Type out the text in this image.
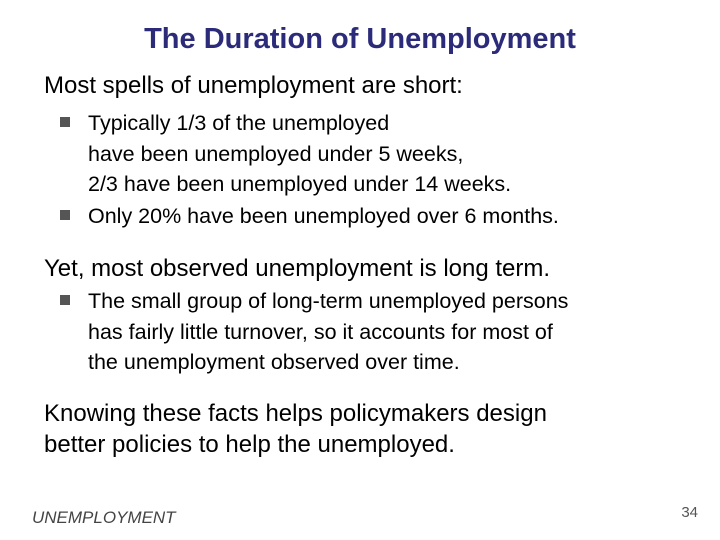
The Duration of Unemployment
Most spells of unemployment are short:
Typically 1/3 of the unemployed
have been unemployed under 5 weeks,
2/3 have been unemployed under 14 weeks.
Only 20% have been unemployed over 6 months.
Yet, most observed unemployment is long term.
The small group of long-term unemployed persons
has fairly little turnover, so it accounts for most of
the unemployment observed over time.
Knowing these facts helps policymakers design
better policies to help the unemployed.
UNEMPLOYMENT	34
